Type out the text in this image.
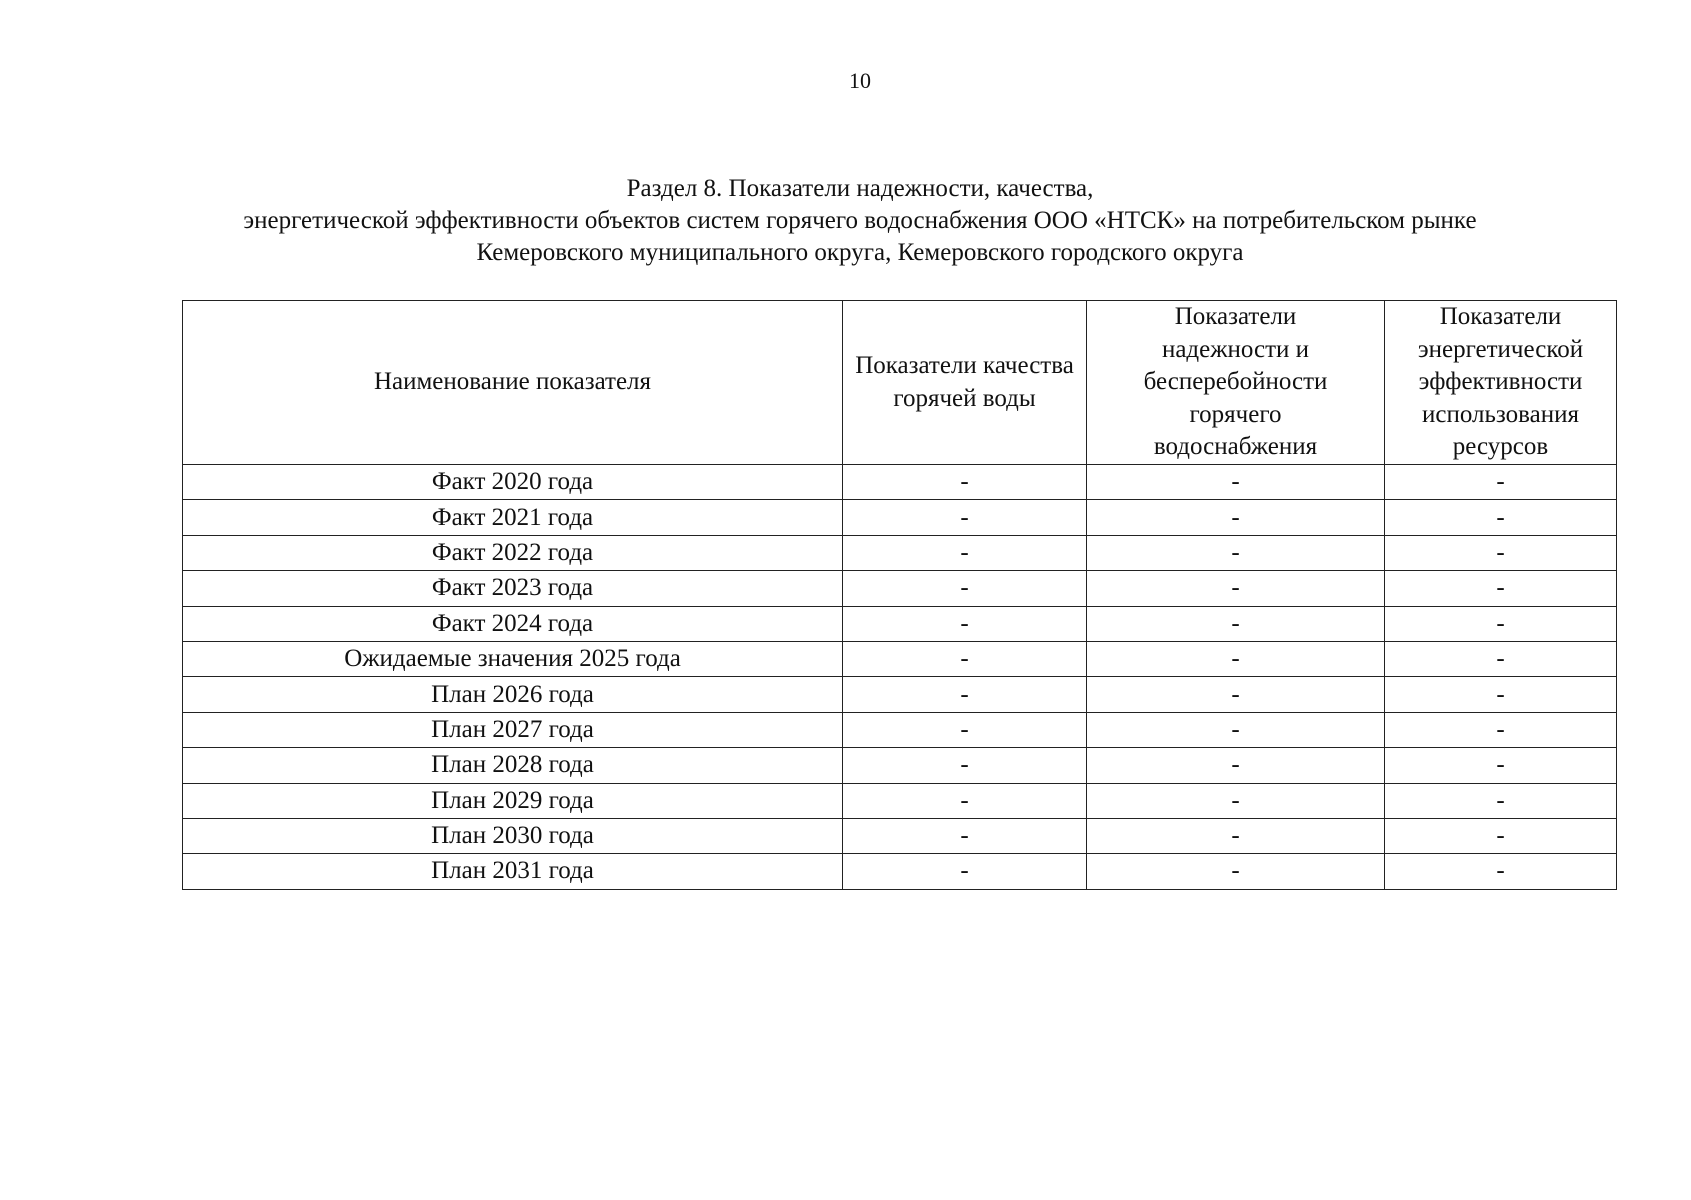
10
Раздел 8. Показатели надежности, качества,
энергетической эффективности объектов систем горячего водоснабжения ООО «НТСК» на потребительском рынке
Кемеровского муниципального округа, Кемеровского городского округа
Наименование показателя	Показатели качества горячей воды	Показатели надежности и бесперебойности горячего водоснабжения	Показатели энергетической эффективности использования ресурсов

Факт 2020 года	-	-	-
Факт 2021 года	-	-	-
Факт 2022 года	-	-	-
Факт 2023 года	-	-	-
Факт 2024 года	-	-	-
Ожидаемые значения 2025 года	-	-	-
План 2026 года	-	-	-
План 2027 года	-	-	-
План 2028 года	-	-	-
План 2029 года	-	-	-
План 2030 года	-	-	-
План 2031 года	-	-	-
